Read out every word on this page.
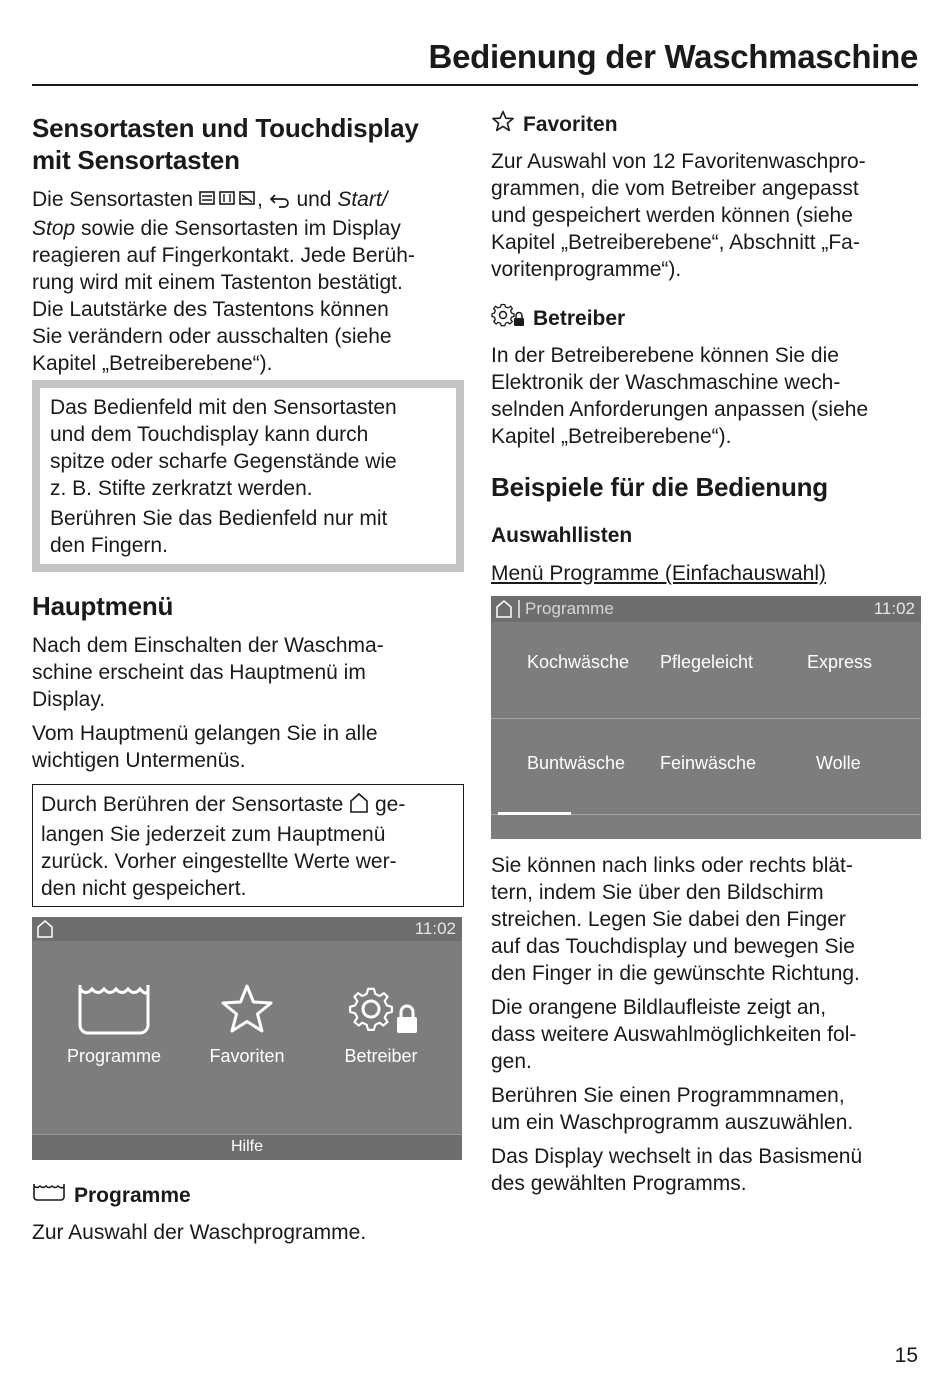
Bedienung der Waschmaschine
Sensortasten und Touchdisplay
mit Sensortasten

Die Sensortasten	,  und Start/
Stop sowie die Sensortasten im Display
reagieren auf Fingerkontakt. Jede Berüh-
rung wird mit einem Tastenton bestätigt.
Die Lautstärke des Tastentons können
Sie verändern oder ausschalten (siehe
Kapitel „Betreiberebene“).

Das Bedienfeld mit den Sensortasten
und dem Touchdisplay kann durch
spitze oder scharfe Gegenstände wie
z. B. Stifte zerkratzt werden.

Berühren Sie das Bedienfeld nur mit
den Fingern.

Hauptmenü

Nach dem Einschalten der Waschma-
schine erscheint das Hauptmenü im
Display.

Vom Hauptmenü gelangen Sie in alle
wichtigen Untermenüs.

Durch Berühren der Sensortaste  ge-
langen Sie jederzeit zum Hauptmenü
zurück. Vorher eingestellte Werte wer-
den nicht gespeichert.

11:02
Programme	Favoriten	Betreiber
Hilfe
Programme

Zur Auswahl der Waschprogramme.

Favoriten

Zur Auswahl von 12 Favoritenwaschpro-
grammen, die vom Betreiber angepasst
und gespeichert werden können (siehe
Kapitel „Betreiberebene“, Abschnitt „Fa-
voritenprogramme“).

Betreiber

In der Betreiberebene können Sie die
Elektronik der Waschmaschine wech-
selnden Anforderungen anpassen (siehe
Kapitel „Betreiberebene“).

Beispiele für die Bedienung
Auswahllisten

Menü Programme (Einfachauswahl)

Programme	11:02
Kochwäsche Pflegeleicht	Express
Buntwäsche Feinwäsche	Wolle

Sie können nach links oder rechts blät-
tern, indem Sie über den Bildschirm
streichen. Legen Sie dabei den Finger
auf das Touchdisplay und bewegen Sie
den Finger in die gewünschte Richtung.

Die orangene Bildlaufleiste zeigt an,
dass weitere Auswahlmöglichkeiten fol-
gen.

Berühren Sie einen Programmnamen,
um ein Waschprogramm auszuwählen.

Das Display wechselt in das Basismenü
des gewählten Programms.

15
